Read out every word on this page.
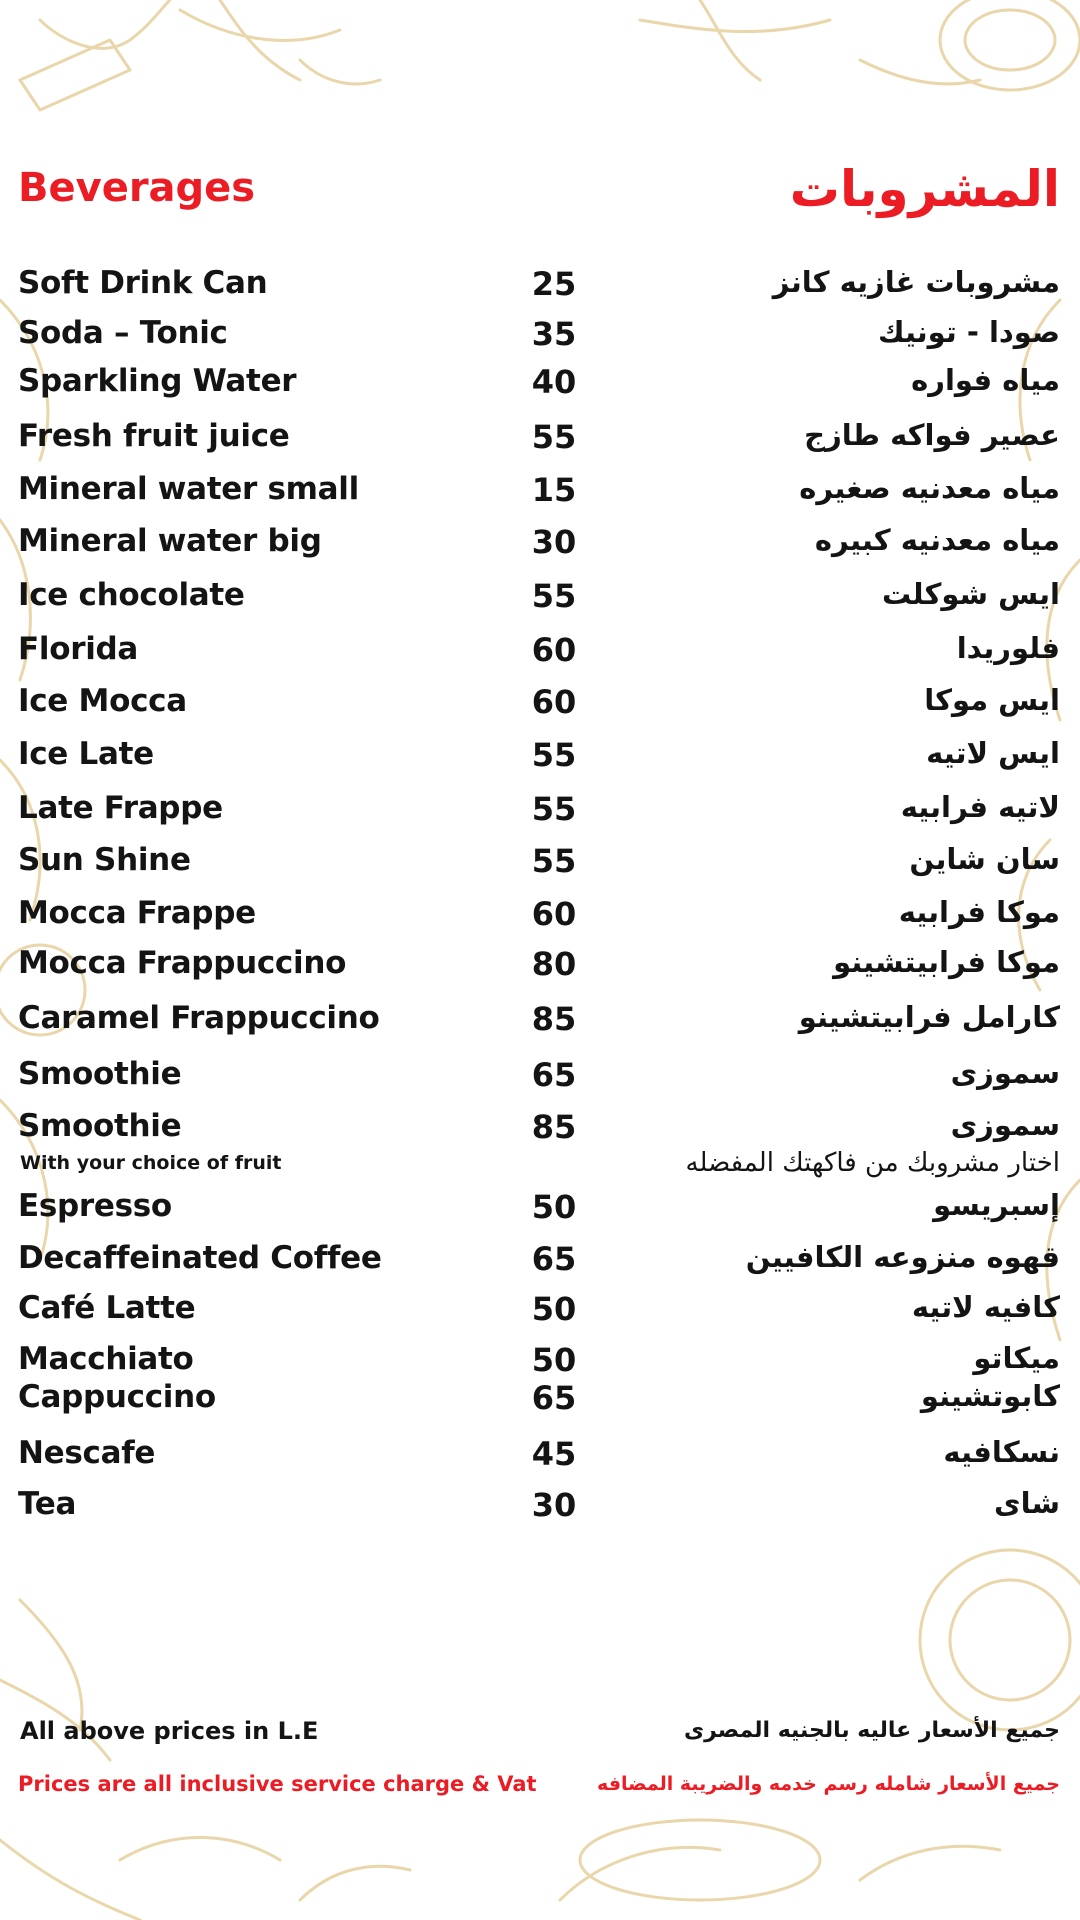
Beverages	المشروبات
Soft Drink Can	25	مشروبات غازيه كانز
Soda – Tonic	35	صودا - تونيك
Sparkling Water	40	مياه فواره
Fresh fruit juice	55	عصير فواكه طازج
Mineral water small	15	مياه معدنيه صغيره
Mineral water big	30	مياه معدنيه كبيره
Ice chocolate	55	ايس شوكلت
Florida	60	فلوريدا
Ice Mocca	60	ايس موكا
Ice Late	55	ايس لاتيه
Late Frappe	55	لاتيه فرابيه
Sun Shine	55	سان شاين
Mocca Frappe	60	موكا فرابيه
Mocca Frappuccino	80	موكا فرابيتشينو
Caramel Frappuccino	85	كارامل فرابيتشينو
Smoothie	65	سموزى
Smoothie	85	سموزى
With your choice of fruit	اختار مشروبك من فاكهتك المفضله
Espresso	50	إسبريسو
Decaffeinated Coffee	65	قهوه منزوعه الكافيين
Café Latte	50	كافيه لاتيه
Macchiato	50	ميكاتو
Cappuccino	65	كابوتشينو
Nescafe	45	نسكافيه
Tea	30	شاى

All above prices in L.E	جميع الأسعار عاليه بالجنيه المصرى

Prices are all inclusive service charge & Vat	جميع الأسعار شامله رسم خدمه والضريبة المضافه
